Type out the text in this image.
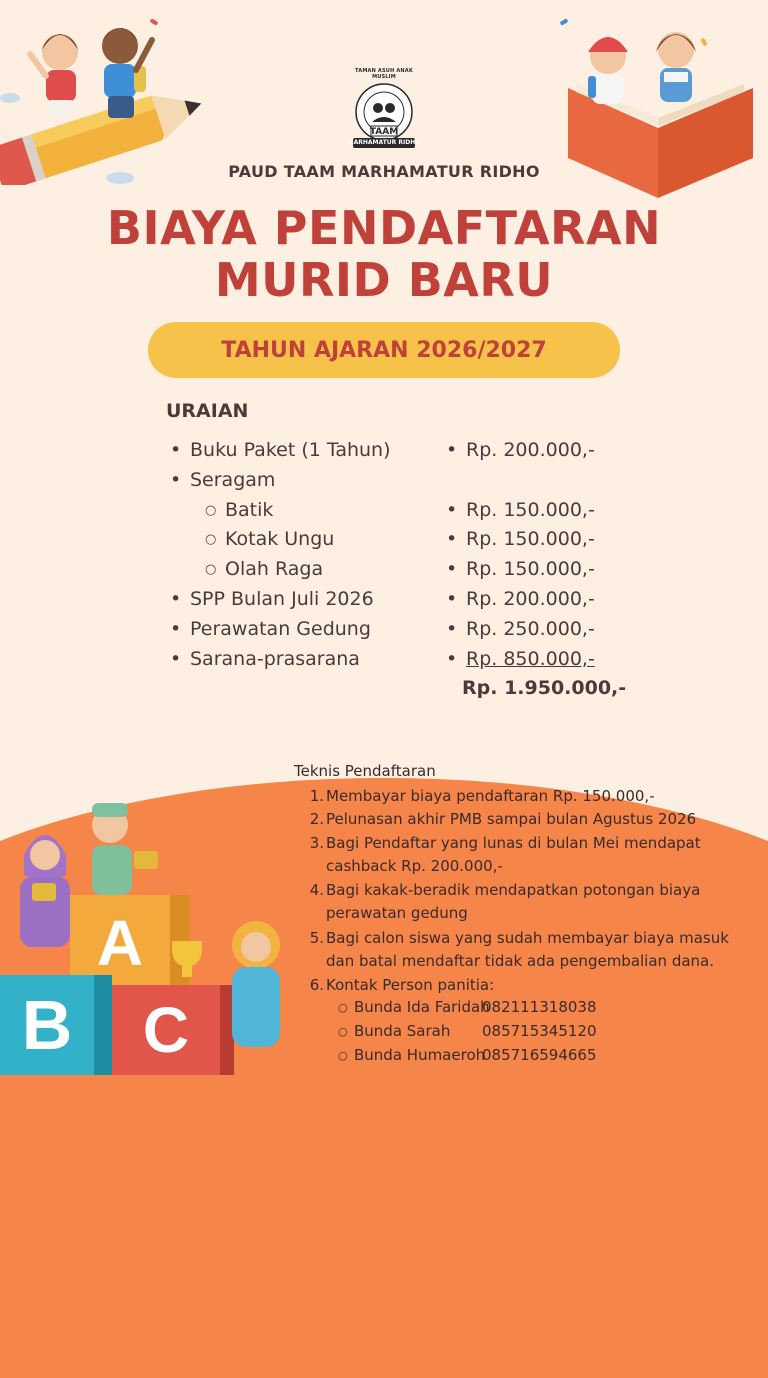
TAAM
MARHAMATUR RIDHO
TAMAN ASUH ANAK MUSLIM
PAUD TAAM MARHAMATUR RIDHO
BIAYA PENDAFTARAN
MURID BARU
TAHUN AJARAN 2026/2027
URAIAN
• Buku Paket (1 Tahun)	• Rp. 200.000,-
• Seragam
○ Batik	• Rp. 150.000,-
○ Kotak Ungu	• Rp. 150.000,-
○ Olah Raga	• Rp. 150.000,-
• SPP Bulan Juli 2026	• Rp. 200.000,-
• Perawatan Gedung	• Rp. 250.000,-
• Sarana-prasarana	• Rp. 850.000,-
Rp. 1.950.000,-
A
B	C
Teknis Pendaftaran
1. Membayar biaya pendaftaran Rp. 150.000,-
2. Pelunasan akhir PMB sampai bulan Agustus 2026
3. Bagi Pendaftar yang lunas di bulan Mei mendapat
cashback Rp. 200.000,-
4. Bagi kakak-beradik mendapatkan potongan biaya
perawatan gedung
5. Bagi calon siswa yang sudah membayar biaya masuk
dan batal mendaftar tidak ada pengembalian dana.
6. Kontak Person panitia:
○ Bunda Ida Faridah082111318038
○ Bunda Sarah 085715345120
○ Bunda Humaeroh085716594665
